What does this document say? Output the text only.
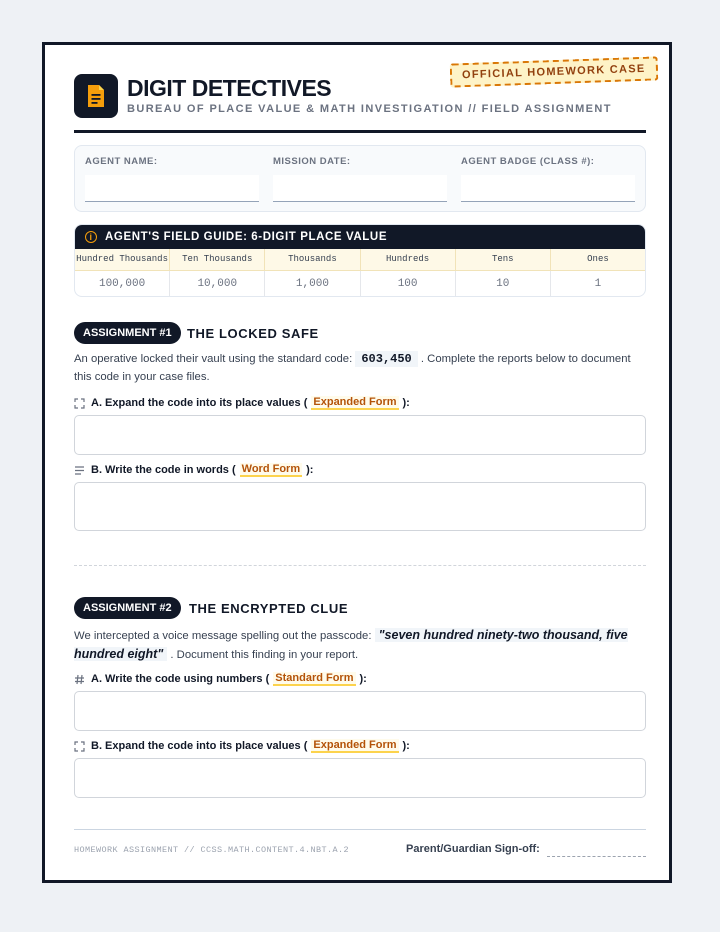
DIGIT DETECTIVES
BUREAU OF PLACE VALUE & MATH INVESTIGATION // FIELD ASSIGNMENT
OFFICIAL HOMEWORK CASE
AGENT NAME:	MISSION DATE:	AGENT BADGE (CLASS #):
i	AGENT'S FIELD GUIDE: 6-DIGIT PLACE VALUE
Hundred Thousands	Ten Thousands	Thousands	Hundreds	Tens	Ones
100,000	10,000	1,000	100	10	1
ASSIGNMENT #1	THE LOCKED SAFE
An operative locked their vault using the standard code: 603,450 . Complete the reports below to document this code in your case files.
A. Expand the code into its place values ( Expanded Form ):
B. Write the code in words ( Word Form ):
ASSIGNMENT #2	THE ENCRYPTED CLUE
We intercepted a voice message spelling out the passcode: "seven hundred ninety-two thousand, five hundred eight" . Document this finding in your report.
A. Write the code using numbers ( Standard Form ):
B. Expand the code into its place values ( Expanded Form ):
HOMEWORK ASSIGNMENT // CCSS.MATH.CONTENT.4.NBT.A.2	Parent/Guardian Sign-off:
